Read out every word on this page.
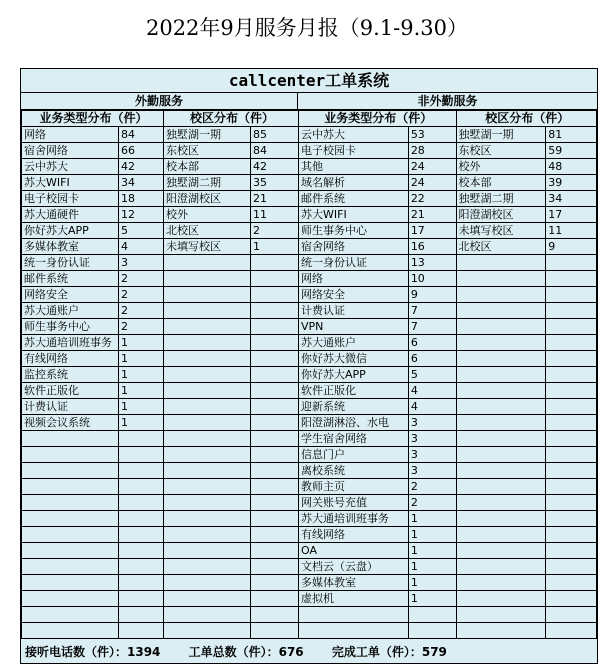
2022年9月服务月报（9.1-9.30）
callcenter工单系统
外勤服务	非外勤服务
业务类型分布（件）		校区分布（件）	
网络	84	独墅湖一期	85
宿舍网络	66	东校区	84
云中苏大	42	校本部	42
苏大WIFI	34	独墅湖二期	35
电子校园卡	18	阳澄湖校区	21
苏大通硬件	12	校外	11
你好苏大APP	5	北校区	2
多媒体教室	4	未填写校区	1
统一身份认证	3		
邮件系统	2		
网络安全	2		
苏大通账户	2		
师生事务中心	2		
苏大通培训班事务	1		
有线网络	1		
监控系统	1		
软件正版化	1		
计费认证	1		
视频会议系统	1		

业务类型分布（件）		校区分布（件）	
云中苏大	53	独墅湖一期	81
电子校园卡	28	东校区	59
其他	24	校外	48
域名解析	24	校本部	39
邮件系统	22	独墅湖二期	34
苏大WIFI	21	阳澄湖校区	17
师生事务中心	17	未填写校区	11
宿舍网络	16	北校区	9
统一身份认证	13		
网络	10		
网络安全	9		
计费认证	7		
VPN	7		
苏大通账户	6		
你好苏大微信	6		
你好苏大APP	5		
软件正版化	4		
迎新系统	4		
阳澄湖淋浴、水电	3		
学生宿舍网络	3		
信息门户	3		
离校系统	3		
教师主页	2		
网关账号充值	2		
苏大通培训班事务	1		
有线网络	1		
OA	1		
文档云（云盘）	1		
多媒体教室	1		
虚拟机	1		

接听电话数（件）：1394 工单总数（件）：676 完成工单（件）：579
